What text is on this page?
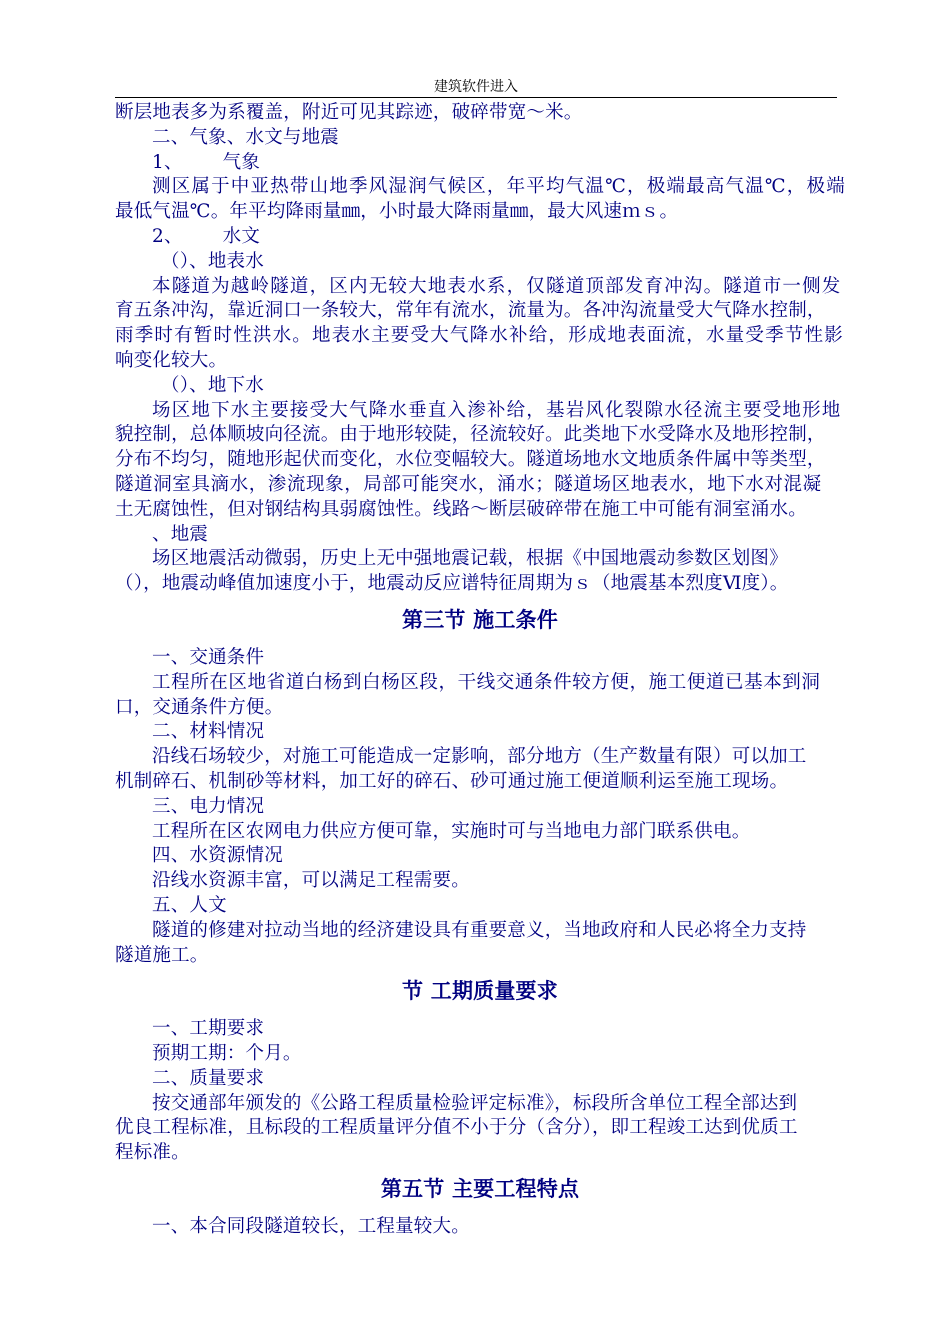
建筑软件进入

断层地表多为系覆盖，附近可见其踪迹，破碎带宽～米。

二、气象、水文与地震

1、 气象

测区属于中亚热带山地季风湿润气候区，年平均气温℃，极端最高气温℃，极端

最低气温℃。年平均降雨量㎜，小时最大降雨量㎜，最大风速ｍｓ。

2、 水文

（）、地表水

本隧道为越岭隧道，区内无较大地表水系，仅隧道顶部发育冲沟。隧道市一侧发

育五条冲沟，靠近洞口一条较大，常年有流水，流量为。各冲沟流量受大气降水控制，

雨季时有暂时性洪水。地表水主要受大气降水补给，形成地表面流，水量受季节性影

响变化较大。

（）、地下水

场区地下水主要接受大气降水垂直入渗补给，基岩风化裂隙水径流主要受地形地

貌控制，总体顺坡向径流。由于地形较陡，径流较好。此类地下水受降水及地形控制，

分布不均匀，随地形起伏而变化，水位变幅较大。隧道场地水文地质条件属中等类型，

隧道洞室具滴水，渗流现象，局部可能突水，涌水；隧道场区地表水，地下水对混凝

土无腐蚀性，但对钢结构具弱腐蚀性。线路～断层破碎带在施工中可能有洞室涌水。

、地震

场区地震活动微弱，历史上无中强地震记载，根据《中国地震动参数区划图》

（），地震动峰值加速度小于，地震动反应谱特征周期为ｓ（地震基本烈度Ⅵ度）。

第三节 施工条件

一、交通条件

工程所在区地省道白杨到白杨区段，干线交通条件较方便，施工便道已基本到洞

口，交通条件方便。

二、材料情况

沿线石场较少，对施工可能造成一定影响，部分地方（生产数量有限）可以加工

机制碎石、机制砂等材料，加工好的碎石、砂可通过施工便道顺利运至施工现场。

三、电力情况

工程所在区农网电力供应方便可靠，实施时可与当地电力部门联系供电。

四、水资源情况

沿线水资源丰富，可以满足工程需要。

五、人文

隧道的修建对拉动当地的经济建设具有重要意义，当地政府和人民必将全力支持

隧道施工。

节 工期质量要求

一、工期要求

预期工期：个月。

二、质量要求

按交通部年颁发的《公路工程质量检验评定标准》，标段所含单位工程全部达到

优良工程标准，且标段的工程质量评分值不小于分（含分），即工程竣工达到优质工

程标准。

第五节 主要工程特点

一、本合同段隧道较长，工程量较大。
